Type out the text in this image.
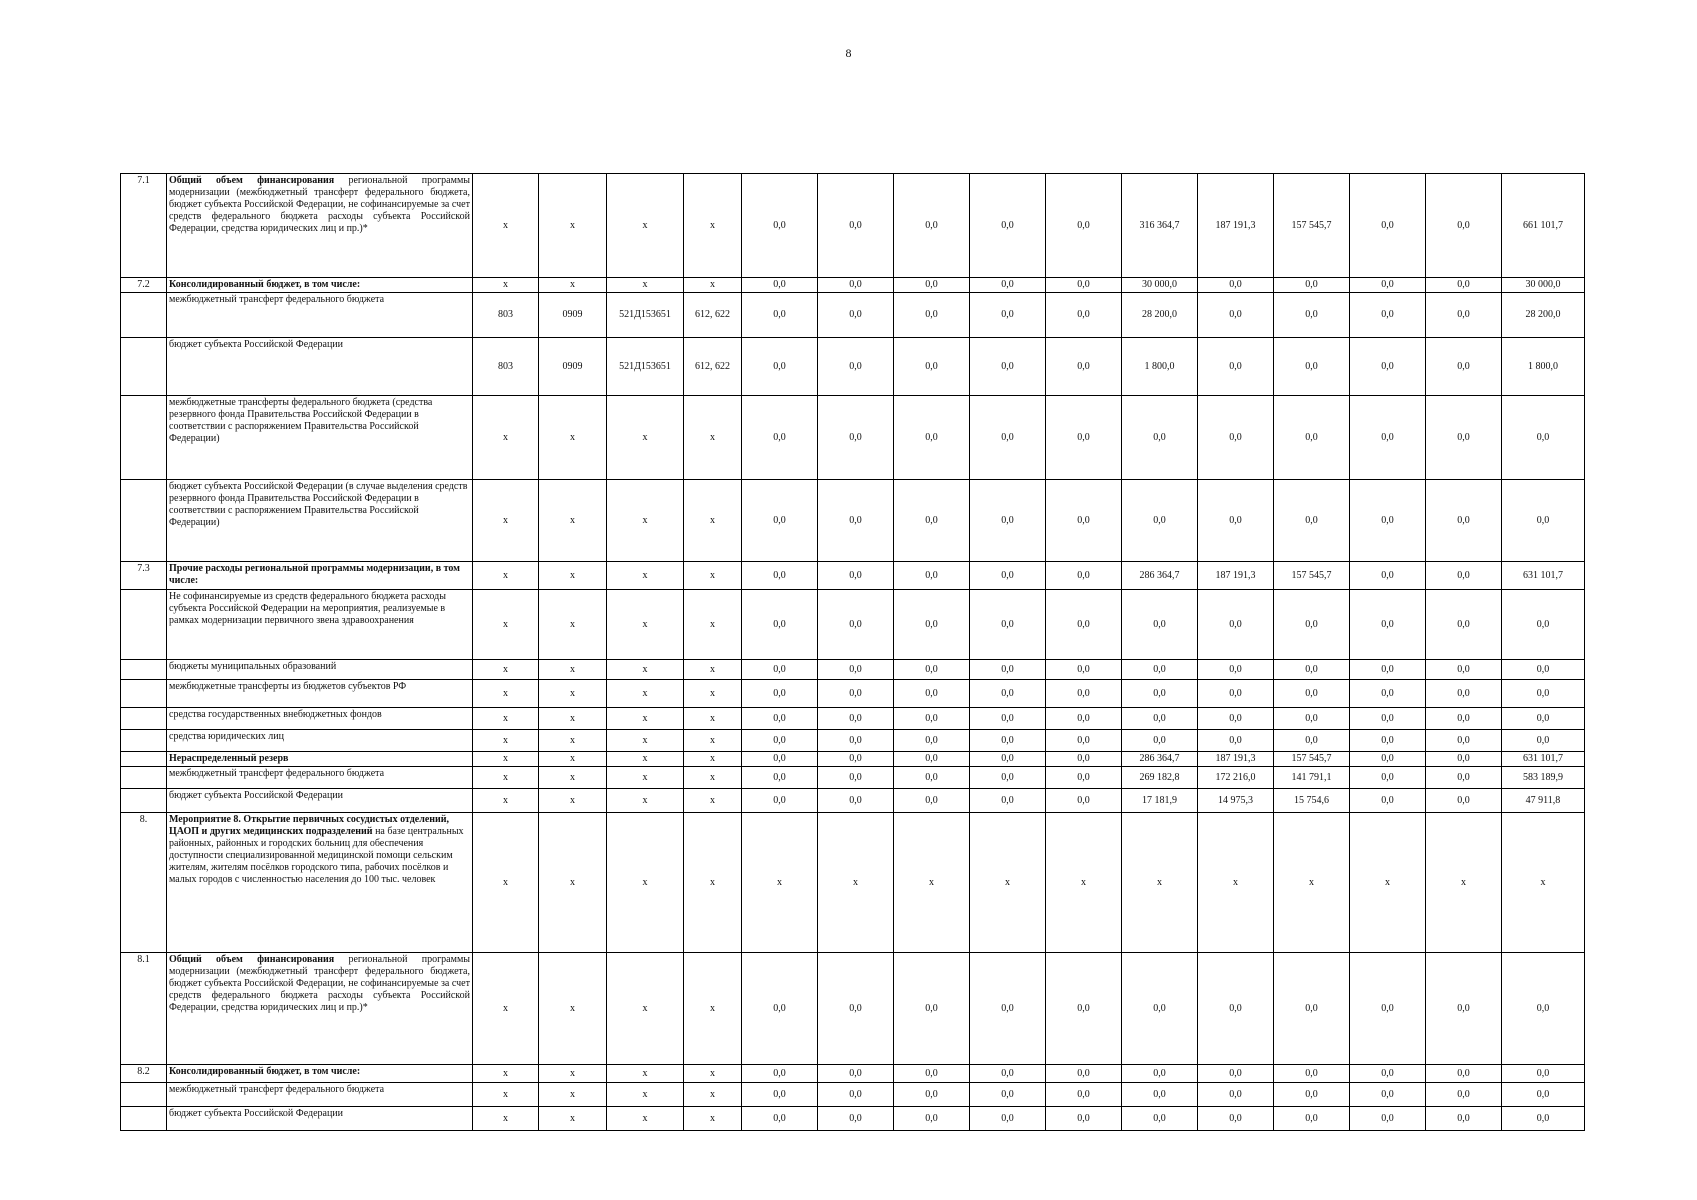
8
7.1	Общий объем финансирования региональной программы модернизации (межбюджетный трансферт федерального бюджета, бюджет субъекта Российской Федерации, не софинансируемые за счет средств федерального бюджета расходы субъекта Российской Федерации, средства юридических лиц и пр.)*	x	x	x	x	0,0	0,0	0,0	0,0	0,0	316 364,7	187 191,3	157 545,7	0,0	0,0	661 101,7
7.2	Консолидированный бюджет, в том числе:	x	x	x	x	0,0	0,0	0,0	0,0	0,0	30 000,0	0,0	0,0	0,0	0,0	30 000,0
	межбюджетный трансферт федерального бюджета	803	0909	521Д153651	612, 622	0,0	0,0	0,0	0,0	0,0	28 200,0	0,0	0,0	0,0	0,0	28 200,0
	бюджет субъекта Российской Федерации	803	0909	521Д153651	612, 622	0,0	0,0	0,0	0,0	0,0	1 800,0	0,0	0,0	0,0	0,0	1 800,0
	межбюджетные трансферты федерального бюджета (средства резервного фонда Правительства Российской Федерации в соответствии с распоряжением Правительства Российской Федерации)	x	x	x	x	0,0	0,0	0,0	0,0	0,0	0,0	0,0	0,0	0,0	0,0	0,0
	бюджет субъекта Российской Федерации (в случае выделения средств резервного фонда Правительства Российской Федерации в соответствии с распоряжением Правительства Российской Федерации)	x	x	x	x	0,0	0,0	0,0	0,0	0,0	0,0	0,0	0,0	0,0	0,0	0,0
7.3	Прочие расходы региональной программы модернизации, в том числе:	x	x	x	x	0,0	0,0	0,0	0,0	0,0	286 364,7	187 191,3	157 545,7	0,0	0,0	631 101,7
	Не софинансируемые из средств федерального бюджета расходы субъекта Российской Федерации на мероприятия, реализуемые в рамках модернизации первичного звена здравоохранения	x	x	x	x	0,0	0,0	0,0	0,0	0,0	0,0	0,0	0,0	0,0	0,0	0,0
	бюджеты муниципальных образований	x	x	x	x	0,0	0,0	0,0	0,0	0,0	0,0	0,0	0,0	0,0	0,0	0,0
	межбюджетные трансферты из бюджетов субъектов РФ	x	x	x	x	0,0	0,0	0,0	0,0	0,0	0,0	0,0	0,0	0,0	0,0	0,0
	средства государственных внебюджетных фондов	x	x	x	x	0,0	0,0	0,0	0,0	0,0	0,0	0,0	0,0	0,0	0,0	0,0
	средства юридических лиц	x	x	x	x	0,0	0,0	0,0	0,0	0,0	0,0	0,0	0,0	0,0	0,0	0,0
	Нераспределенный резерв	x	x	x	x	0,0	0,0	0,0	0,0	0,0	286 364,7	187 191,3	157 545,7	0,0	0,0	631 101,7
	межбюджетный трансферт федерального бюджета	x	x	x	x	0,0	0,0	0,0	0,0	0,0	269 182,8	172 216,0	141 791,1	0,0	0,0	583 189,9
	бюджет субъекта Российской Федерации	x	x	x	x	0,0	0,0	0,0	0,0	0,0	17 181,9	14 975,3	15 754,6	0,0	0,0	47 911,8
8.	Мероприятие 8. Открытие первичных сосудистых отделений, ЦАОП и других медицинских подразделений на базе центральных районных, районных и городских больниц для обеспечения доступности специализированной медицинской помощи сельским жителям, жителям посёлков городского типа, рабочих посёлков и малых городов с численностью населения до 100 тыс. человек	x	x	x	x	x	x	x	x	x	x	x	x	x	x	x
8.1	Общий объем финансирования региональной программы модернизации (межбюджетный трансферт федерального бюджета, бюджет субъекта Российской Федерации, не софинансируемые за счет средств федерального бюджета расходы субъекта Российской Федерации, средства юридических лиц и пр.)*	x	x	x	x	0,0	0,0	0,0	0,0	0,0	0,0	0,0	0,0	0,0	0,0	0,0
8.2	Консолидированный бюджет, в том числе:	x	x	x	x	0,0	0,0	0,0	0,0	0,0	0,0	0,0	0,0	0,0	0,0	0,0
	межбюджетный трансферт федерального бюджета	x	x	x	x	0,0	0,0	0,0	0,0	0,0	0,0	0,0	0,0	0,0	0,0	0,0
	бюджет субъекта Российской Федерации	x	x	x	x	0,0	0,0	0,0	0,0	0,0	0,0	0,0	0,0	0,0	0,0	0,0
